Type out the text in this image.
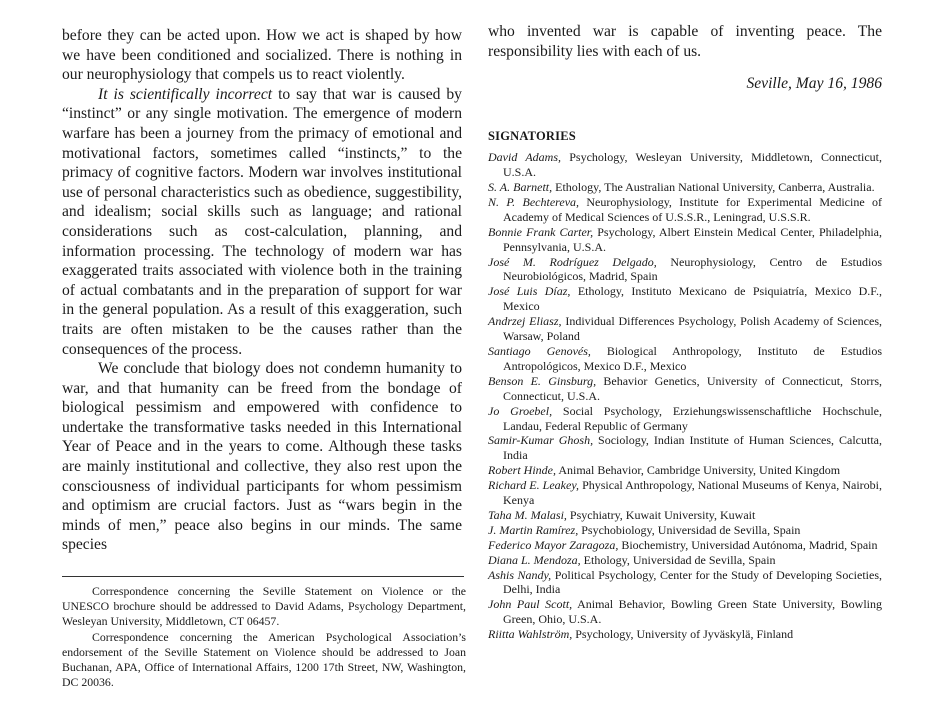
before they can be acted upon. How we act is shaped by how we have been conditioned and socialized. There is nothing in our neurophysiology that compels us to react violently.

It is scientifically incorrect to say that war is caused by “instinct” or any single motivation. The emergence of modern warfare has been a journey from the primacy of emotional and motivational factors, sometimes called “instincts,” to the primacy of cognitive factors. Modern war involves institutional use of personal characteristics such as obedience, suggestibility, and idealism; social skills such as language; and rational considerations such as cost-calculation, planning, and information processing. The technology of modern war has exaggerated traits associated with violence both in the training of actual combatants and in the preparation of support for war in the general population. As a result of this exaggeration, such traits are often mistaken to be the causes rather than the consequences of the process.

We conclude that biology does not condemn humanity to war, and that humanity can be freed from the bondage of biological pessimism and empowered with confidence to undertake the transformative tasks needed in this International Year of Peace and in the years to come. Although these tasks are mainly institutional and collective, they also rest upon the consciousness of individual participants for whom pessimism and optimism are crucial factors. Just as “wars begin in the minds of men,” peace also begins in our minds. The same species

Correspondence concerning the Seville Statement on Violence or the UNESCO brochure should be addressed to David Adams, Psychology Department, Wesleyan University, Middletown, CT 06457.

Correspondence concerning the American Psychological Association’s endorsement of the Seville Statement on Violence should be addressed to Joan Buchanan, APA, Office of International Affairs, 1200 17th Street, NW, Washington, DC 20036.

who invented war is capable of inventing peace. The responsibility lies with each of us.

Seville, May 16, 1986

SIGNATORIES

David Adams, Psychology, Wesleyan University, Middletown, Connecticut, U.S.A.

S. A. Barnett, Ethology, The Australian National University, Canberra, Australia.

N. P. Bechtereva, Neurophysiology, Institute for Experimental Medicine of Academy of Medical Sciences of U.S.S.R., Leningrad, U.S.S.R.

Bonnie Frank Carter, Psychology, Albert Einstein Medical Center, Philadelphia, Pennsylvania, U.S.A.

José M. Rodríguez Delgado, Neurophysiology, Centro de Estudios Neurobiológicos, Madrid, Spain

José Luis Díaz, Ethology, Instituto Mexicano de Psiquiatría, Mexico D.F., Mexico

Andrzej Eliasz, Individual Differences Psychology, Polish Academy of Sciences, Warsaw, Poland

Santiago Genovés, Biological Anthropology, Instituto de Estudios Antropológicos, Mexico D.F., Mexico

Benson E. Ginsburg, Behavior Genetics, University of Connecticut, Storrs, Connecticut, U.S.A.

Jo Groebel, Social Psychology, Erziehungswissenschaftliche Hochschule, Landau, Federal Republic of Germany

Samir-Kumar Ghosh, Sociology, Indian Institute of Human Sciences, Calcutta, India

Robert Hinde, Animal Behavior, Cambridge University, United Kingdom

Richard E. Leakey, Physical Anthropology, National Museums of Kenya, Nairobi, Kenya

Taha M. Malasi, Psychiatry, Kuwait University, Kuwait

J. Martin Ramírez, Psychobiology, Universidad de Sevilla, Spain

Federico Mayor Zaragoza, Biochemistry, Universidad Autónoma, Madrid, Spain

Diana L. Mendoza, Ethology, Universidad de Sevilla, Spain

Ashis Nandy, Political Psychology, Center for the Study of Developing Societies, Delhi, India

John Paul Scott, Animal Behavior, Bowling Green State University, Bowling Green, Ohio, U.S.A.

Riitta Wahlström, Psychology, University of Jyväskylä, Finland
